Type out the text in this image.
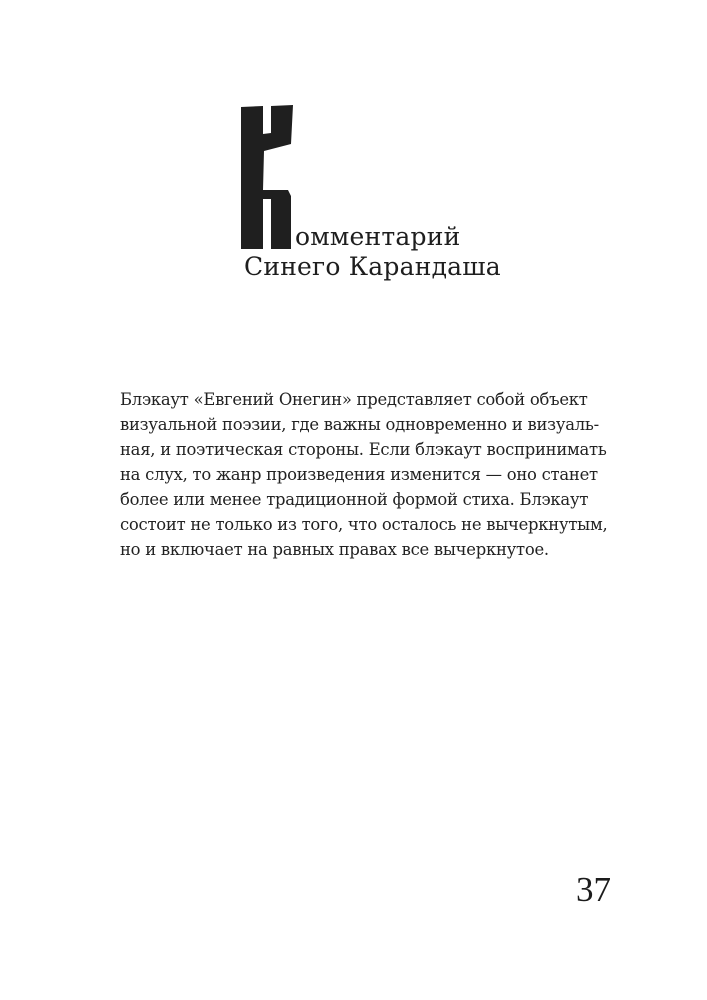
омментарий
Синего Карандаша
Блэкаут «Евгений Онегин» представляет собой объект
визуальной поэзии, где важны одновременно и визуаль-
ная, и поэтическая стороны. Если блэкаут воспринимать
на слух, то жанр произведения изменится — оно станет
более или менее традиционной формой стиха. Блэкаут
состоит не только из того, что осталось не вычеркнутым,
но и включает на равных правах все вычеркнутое.
37
